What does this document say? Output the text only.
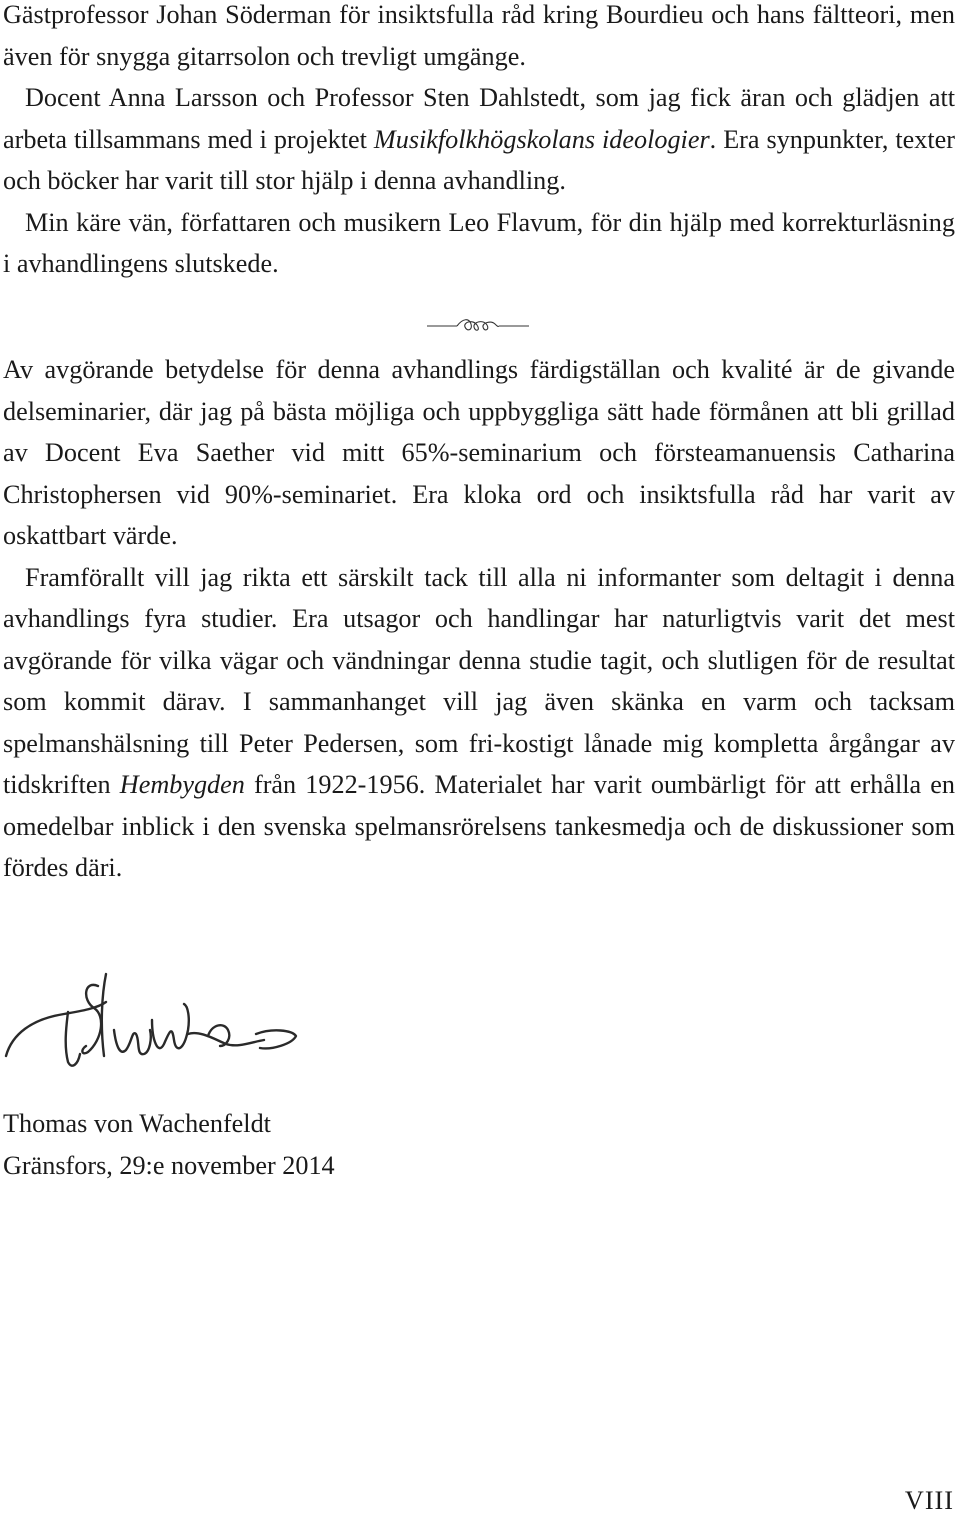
Gästprofessor Johan Söderman för insiktsfulla råd kring Bourdieu och hans fältteori, men även för snygga gitarrsolon och trevligt umgänge.
Docent Anna Larsson och Professor Sten Dahlstedt, som jag fick äran och glädjen att arbeta tillsammans med i projektet Musikfolkhögskolans ideologier. Era synpunkter, texter och böcker har varit till stor hjälp i denna avhandling.
Min käre vän, författaren och musikern Leo Flavum, för din hjälp med korrekturläsning i avhandlingens slutskede.

Av avgörande betydelse för denna avhandlings färdigställan och kvalité är de givande delseminarier, där jag på bästa möjliga och uppbyggliga sätt hade förmånen att bli grillad av Docent Eva Saether vid mitt 65%-seminarium och försteamanuensis Catharina Christophersen vid 90%-seminariet. Era kloka ord och insiktsfulla råd har varit av oskattbart värde.
Framförallt vill jag rikta ett särskilt tack till alla ni informanter som deltagit i denna avhandlings fyra studier. Era utsagor och handlingar har naturligtvis varit det mest avgörande för vilka vägar och vändningar denna studie tagit, och slutligen för de resultat som kommit därav. I sammanhanget vill jag även skänka en varm och tacksam spelmanshälsning till Peter Pedersen, som fri-kostigt lånade mig kompletta årgångar av tidskriften Hembygden från 1922-1956. Materialet har varit oumbärligt för att erhålla en omedelbar inblick i den svenska spelmansrörelsens tankesmedja och de diskussioner som fördes däri.

Thomas von Wachenfeldt

Gränsfors, 29:e november 2014

VIII
